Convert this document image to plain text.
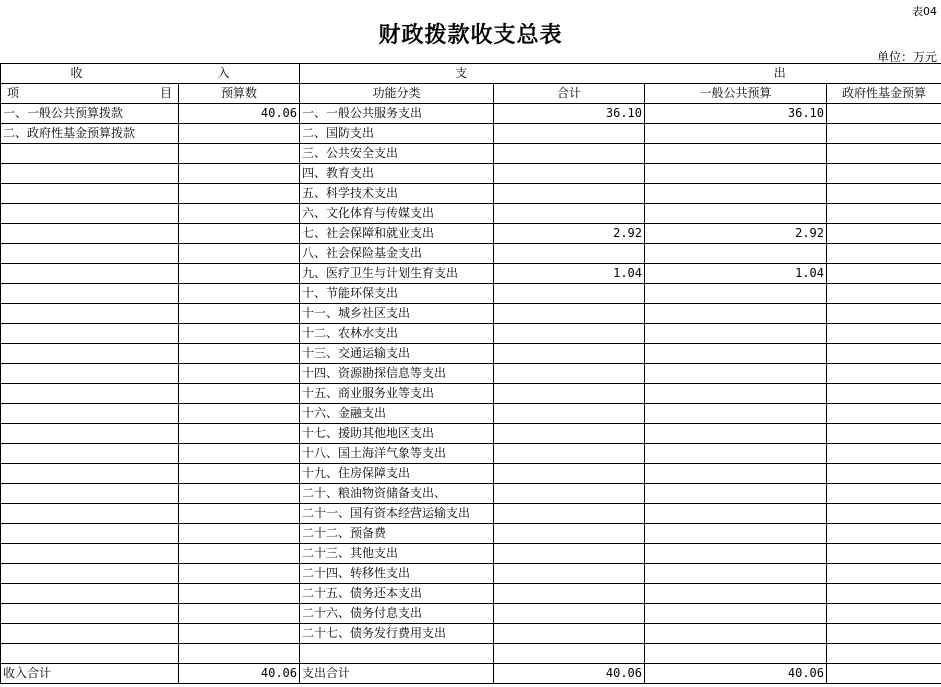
表04
财政拨款收支总表
单位：万元
收 入		支 出			

项 目	预算数	功能分类	合计	一般公共预算	政府性基金预算
一、一般公共预算拨款	40.06	一、一般公共服务支出	36.10	36.10	
二、政府性基金预算拨款		二、国防支出			
		三、公共安全支出			
		四、教育支出			
		五、科学技术支出			
		六、文化体育与传媒支出			
		七、社会保障和就业支出	2.92	2.92	
		八、社会保险基金支出			
		九、医疗卫生与计划生育支出	1.04	1.04	
		十、节能环保支出			
		十一、城乡社区支出			
		十二、农林水支出			
		十三、交通运输支出			
		十四、资源勘探信息等支出			
		十五、商业服务业等支出			
		十六、金融支出			
		十七、援助其他地区支出			
		十八、国土海洋气象等支出			
		十九、住房保障支出			
		二十、粮油物资储备支出、			
		二十一、国有资本经营运输支出			
		二十二、预备费			
		二十三、其他支出			
		二十四、转移性支出			
		二十五、债务还本支出			
		二十六、债务付息支出			
		二十七、债务发行费用支出			

收入合计	40.06	支出合计	40.06	40.06	
